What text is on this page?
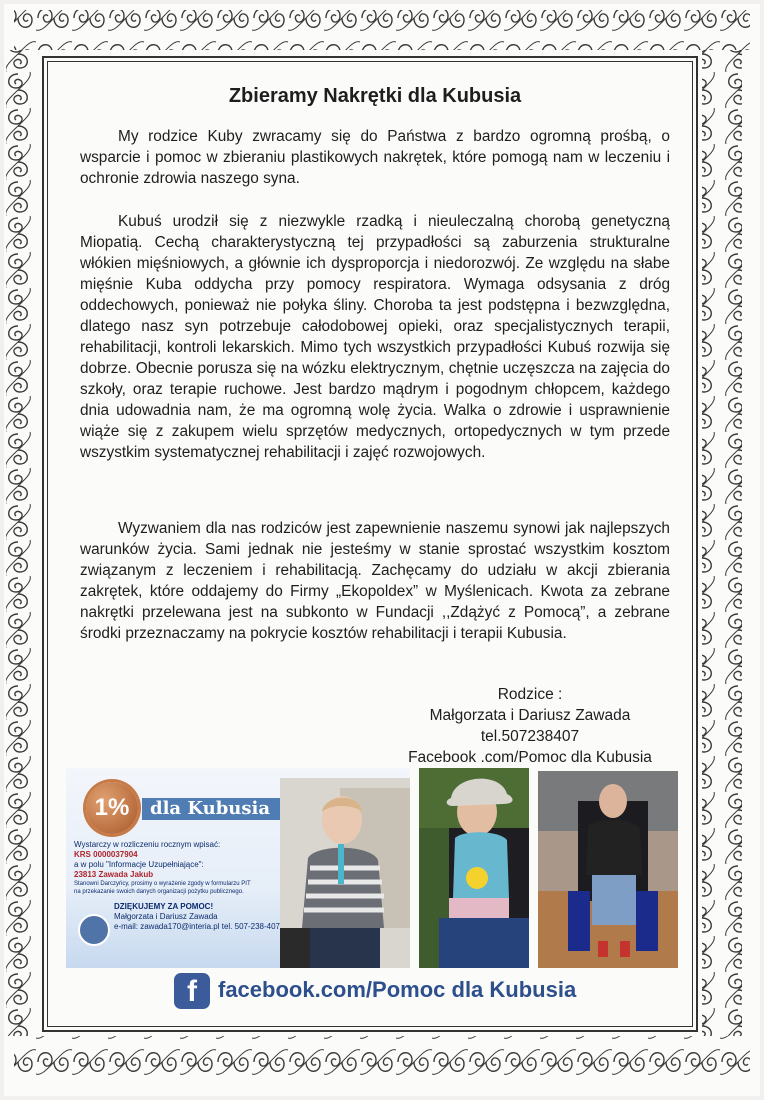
Zbieramy Nakrętki dla Kubusia

My rodzice Kuby zwracamy się do Państwa z bardzo ogromną prośbą, o wsparcie i pomoc w zbieraniu plastikowych nakrętek, które pomogą nam w leczeniu i ochronie zdrowia naszego syna.

Kubuś urodził się z niezwykle rzadką i nieuleczalną chorobą genetyczną Miopatią. Cechą charakterystyczną tej przypadłości są zaburzenia strukturalne włókien mięśniowych, a głównie ich dysproporcja i niedorozwój. Ze względu na słabe mięśnie Kuba oddycha przy pomocy respiratora. Wymaga odsysania z dróg oddechowych, ponieważ nie połyka śliny. Choroba ta jest podstępna i bezwzględna, dlatego nasz syn potrzebuje całodobowej opieki, oraz specjalistycznych terapii, rehabilitacji, kontroli lekarskich. Mimo tych wszystkich przypadłości Kubuś rozwija się dobrze. Obecnie porusza się na wózku elektrycznym, chętnie uczęszcza na zajęcia do szkoły, oraz terapie ruchowe. Jest bardzo mądrym i pogodnym chłopcem, każdego dnia udowadnia nam, że ma ogromną wolę życia. Walka o zdrowie i usprawnienie wiąże się z zakupem wielu sprzętów medycznych, ortopedycznych w tym przede wszystkim systematycznej rehabilitacji i zajęć rozwojowych.

Wyzwaniem dla nas rodziców jest zapewnienie naszemu synowi jak najlepszych warunków życia. Sami jednak nie jesteśmy w stanie sprostać wszystkim kosztom związanym z leczeniem i rehabilitacją. Zachęcamy do udziału w akcji zbierania zakrętek, które oddajemy do Firmy „Ekopoldex” w Myślenicach. Kwota za zebrane nakrętki przelewana jest na subkonto w Fundacji ,,Zdążyć z Pomocą”, a zebrane środki przeznaczamy na pokrycie kosztów rehabilitacji i terapii Kubusia.

Rodzice :
Małgorzata i Dariusz Zawada
tel.507238407
Facebook .com/Pomoc dla Kubusia
1%	dla Kubusia
Wystarczy w rozliczeniu rocznym wpisać:
KRS 0000037904
a w polu "Informacje Uzupełniające":
23813 Zawada Jakub
Stanowni Darczyńcy, prosimy o wyrażenie zgody w formularzu PIT
na przekazanie swoich danych organizacji pożytku publicznego.
DZIĘKUJEMY ZA POMOC!
Małgorzata i Dariusz Zawada
e-mail: zawada170@interia.pl tel. 507-238-407
f facebook.com/Pomoc dla Kubusia
